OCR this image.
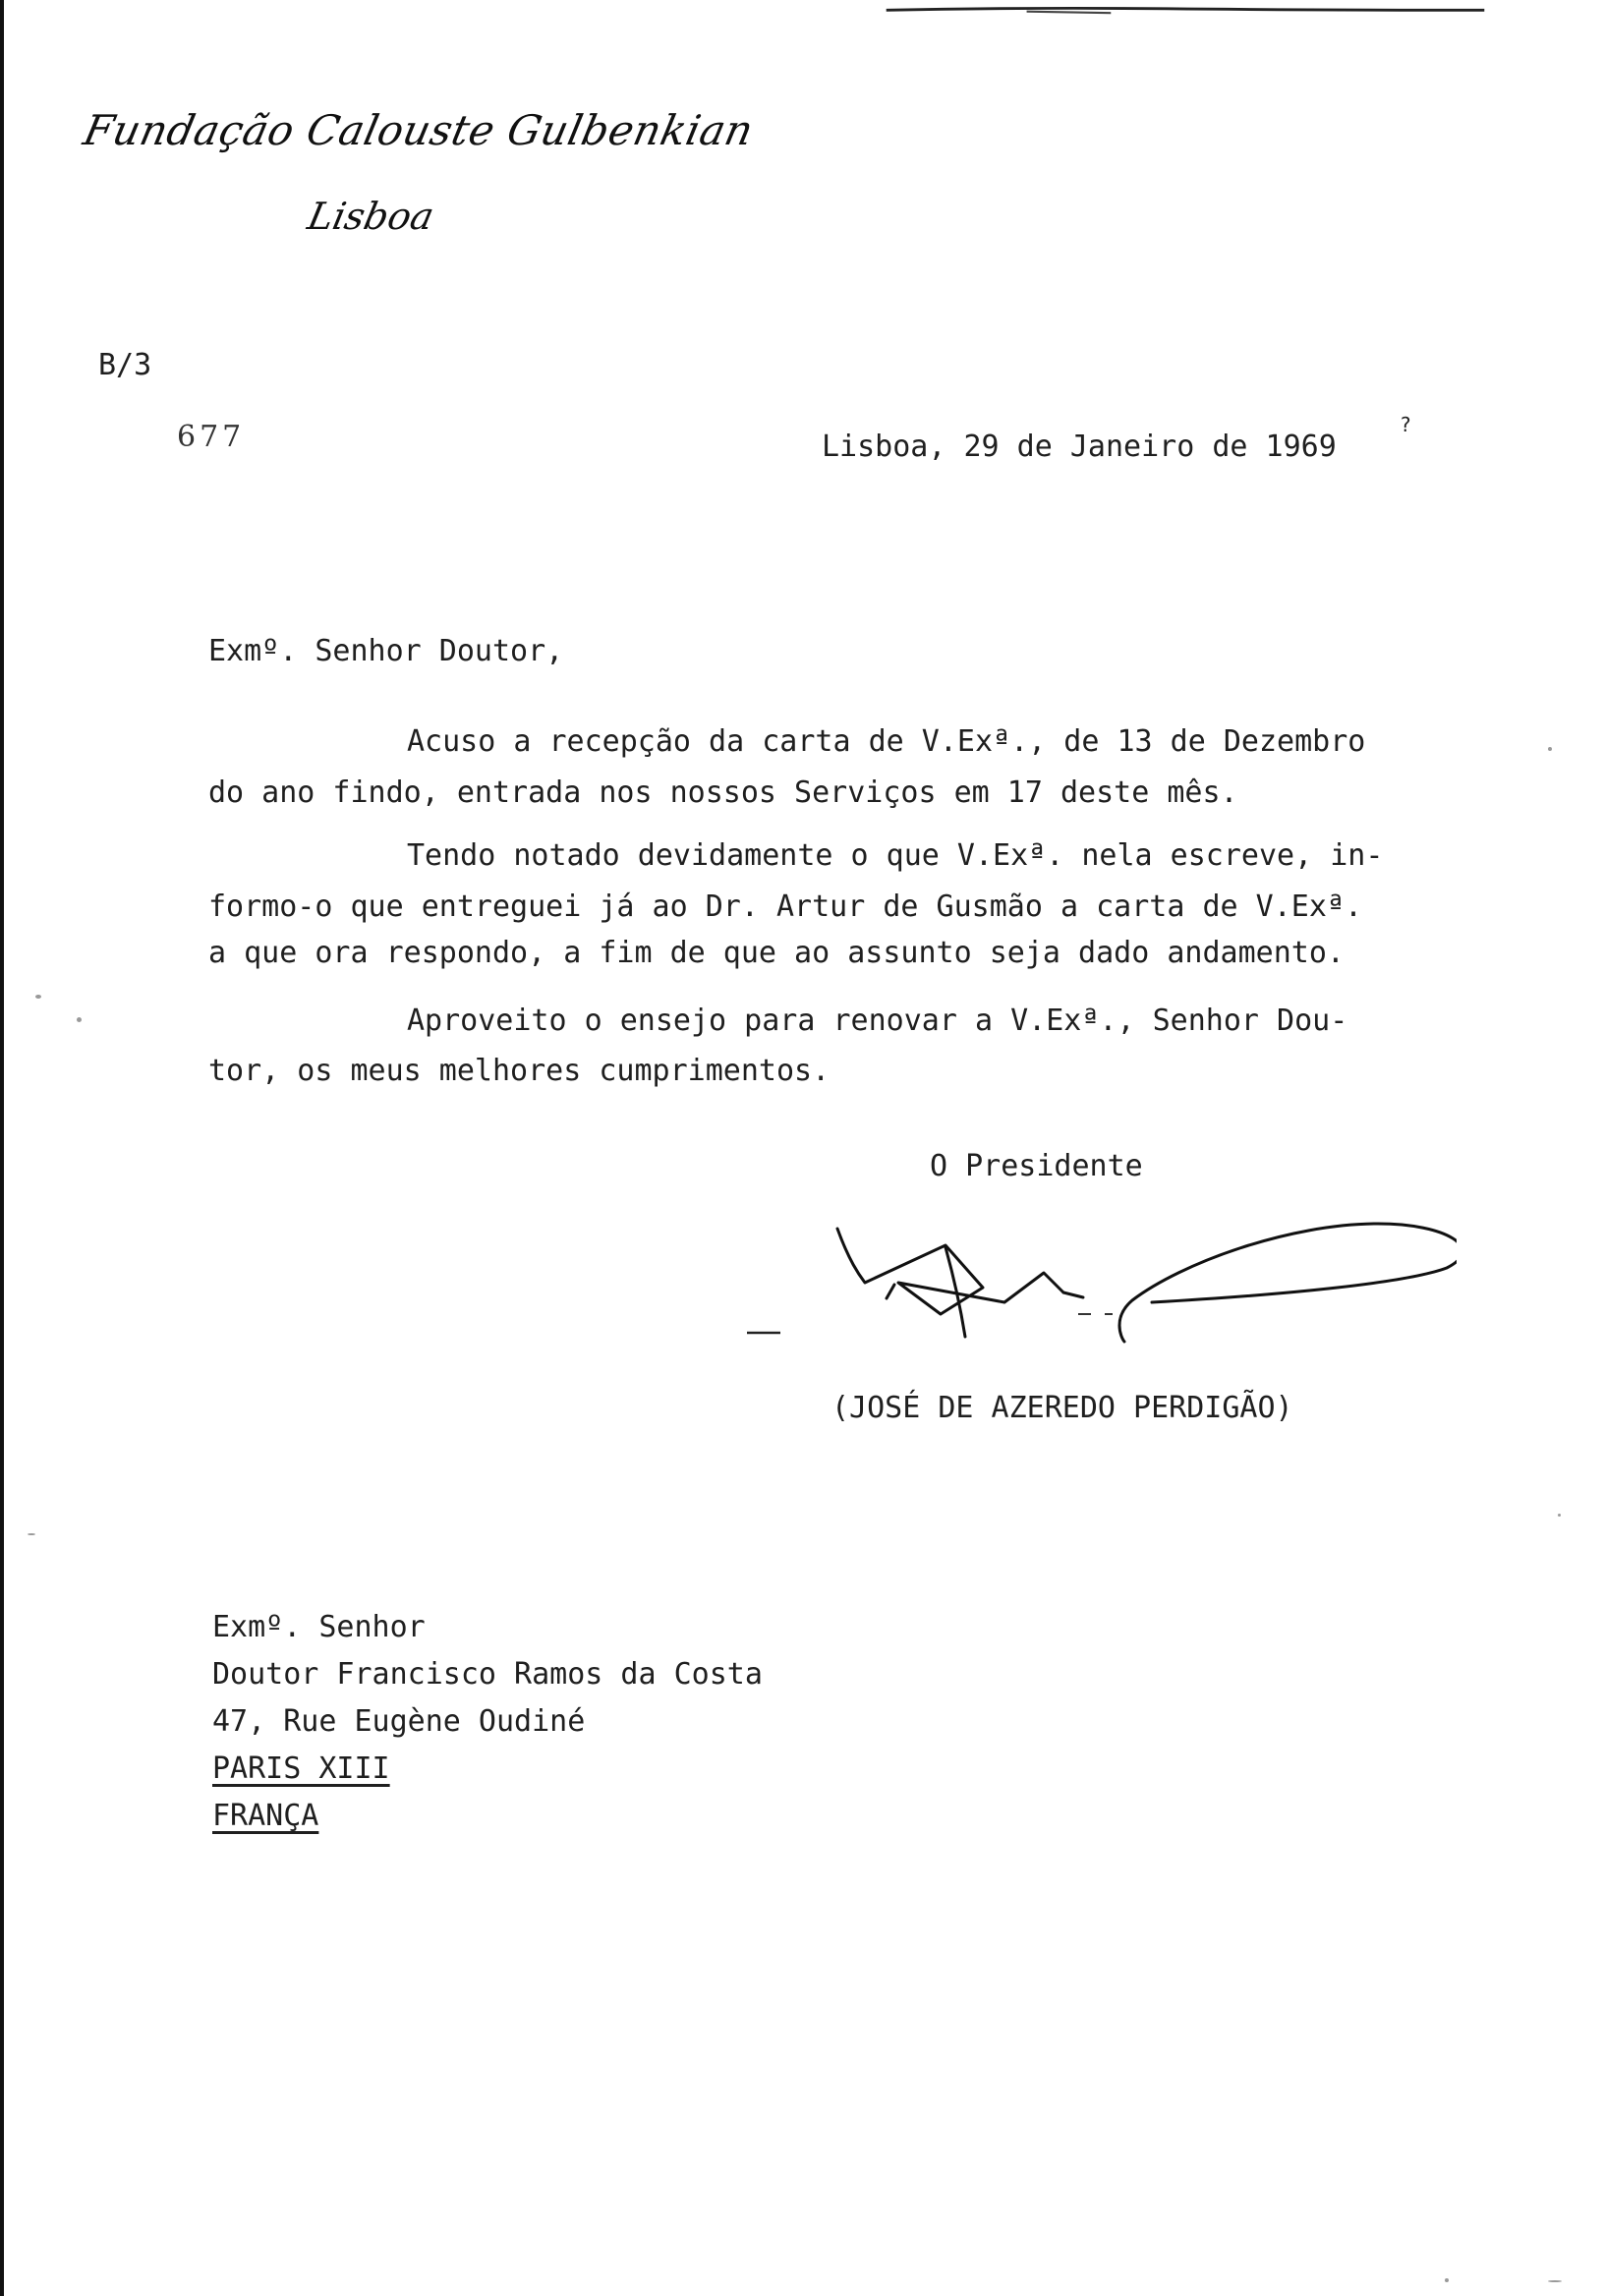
Fundação Calouste Gulbenkian
Lisboa
B/3
677	Lisboa, 29 de Janeiro de 1969
?
Exmº. Senhor Doutor,
Acuso a recepção da carta de V.Exª., de 13 de Dezembro
do ano findo, entrada nos nossos Serviços em 17 deste mês.
Tendo notado devidamente o que V.Exª. nela escreve, in-
formo-o que entreguei já ao Dr. Artur de Gusmão a carta de V.Exª.
a que ora respondo, a fim de que ao assunto seja dado andamento.
Aproveito o ensejo para renovar a V.Exª., Senhor Dou-
tor, os meus melhores cumprimentos.
O Presidente
(JOSÉ DE AZEREDO PERDIGÃO)
Exmº. Senhor
Doutor Francisco Ramos da Costa
47, Rue Eugène Oudiné
PARIS XIII
FRANÇA
